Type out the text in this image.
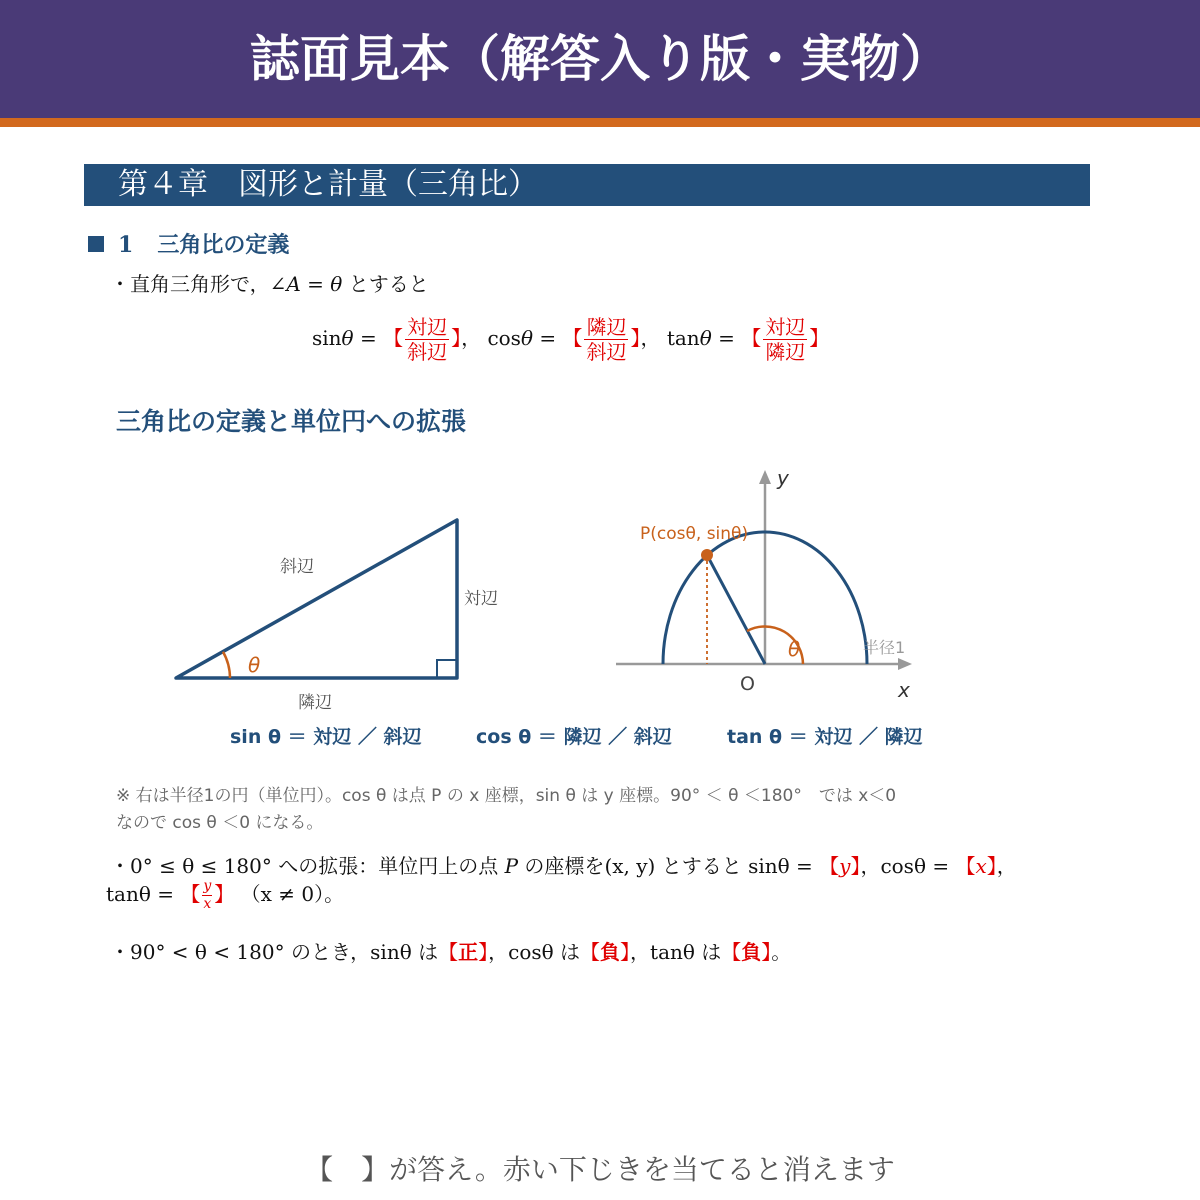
誌面見本（解答入り版・実物）
第４章　図形と計量（三角比）
1 三角比の定義
・直角三角形で，∠A = θ とすると
sinθ = 【 $\frac{\text{対辺}}{\text{斜辺}}$ 】， cosθ = 【 $\frac{\text{隣辺}}{\text{斜辺}}$ 】， tanθ = 【 $\frac{\text{対辺}}{\text{隣辺}}$ 】
三角比の定義と単位円への拡張
θ
斜辺
対辺
隣辺
P(cosθ, sinθ)
θ
O	x
y
半径1
sin θ ＝ 対辺 ／ 斜辺	cos θ ＝ 隣辺 ／ 斜辺	tan θ ＝ 対辺 ／ 隣辺
※ 右は半径1の円（単位円）。cos θ は点 P の x 座標，sin θ は y 座標。90° ＜ θ ＜180°　では x＜0
なので cos θ ＜0 になる。
・0° ≤ θ ≤ 180° への拡張：単位円上の点 P の座標を(x, y) とすると sinθ = 【y】，cosθ = 【x】，
tanθ = 【 $\frac{y}{x}$ 】 （x ≠ 0）。
・90° < θ < 180° のとき，sinθ は【正】，cosθ は【負】，tanθ は【負】。
【　】が答え。赤い下じきを当てると消えます
